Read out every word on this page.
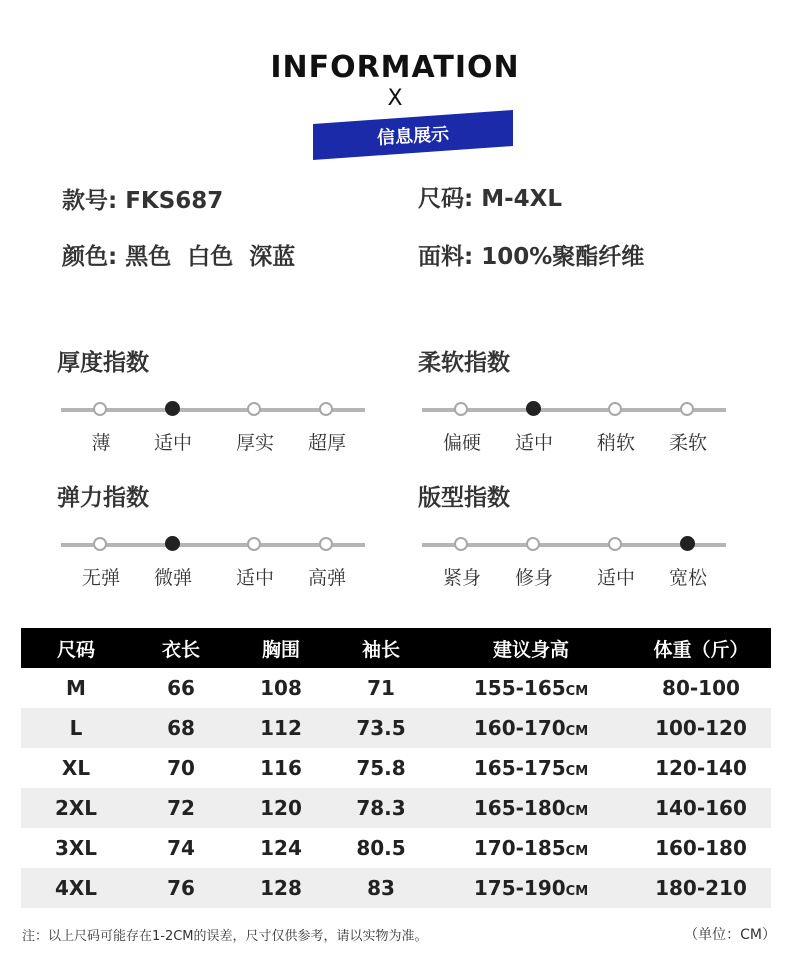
INFORMATION
X
信息展示
款号: FKS687	尺码: M-4XL
颜色: 黑色  白色  深蓝	面料: 100%聚酯纤维
厚度指数
薄 适中 厚实 超厚
柔软指数
偏硬 适中 稍软 柔软
弹力指数
无弹 微弹 适中 高弹
版型指数
紧身 修身 适中 宽松
尺码	衣长	胸围	袖长	建议身高	体重（斤）
M	66	108	71	155-165CM	80-100
L	68	112	73.5	160-170CM	100-120
XL	70	116	75.8	165-175CM	120-140
2XL	72	120	78.3	165-180CM	140-160
3XL	74	124	80.5	170-185CM	160-180
4XL	76	128	83	175-190CM	180-210
注：以上尺码可能存在1-2CM的误差，尺寸仅供参考，请以实物为准。	（单位：CM）
